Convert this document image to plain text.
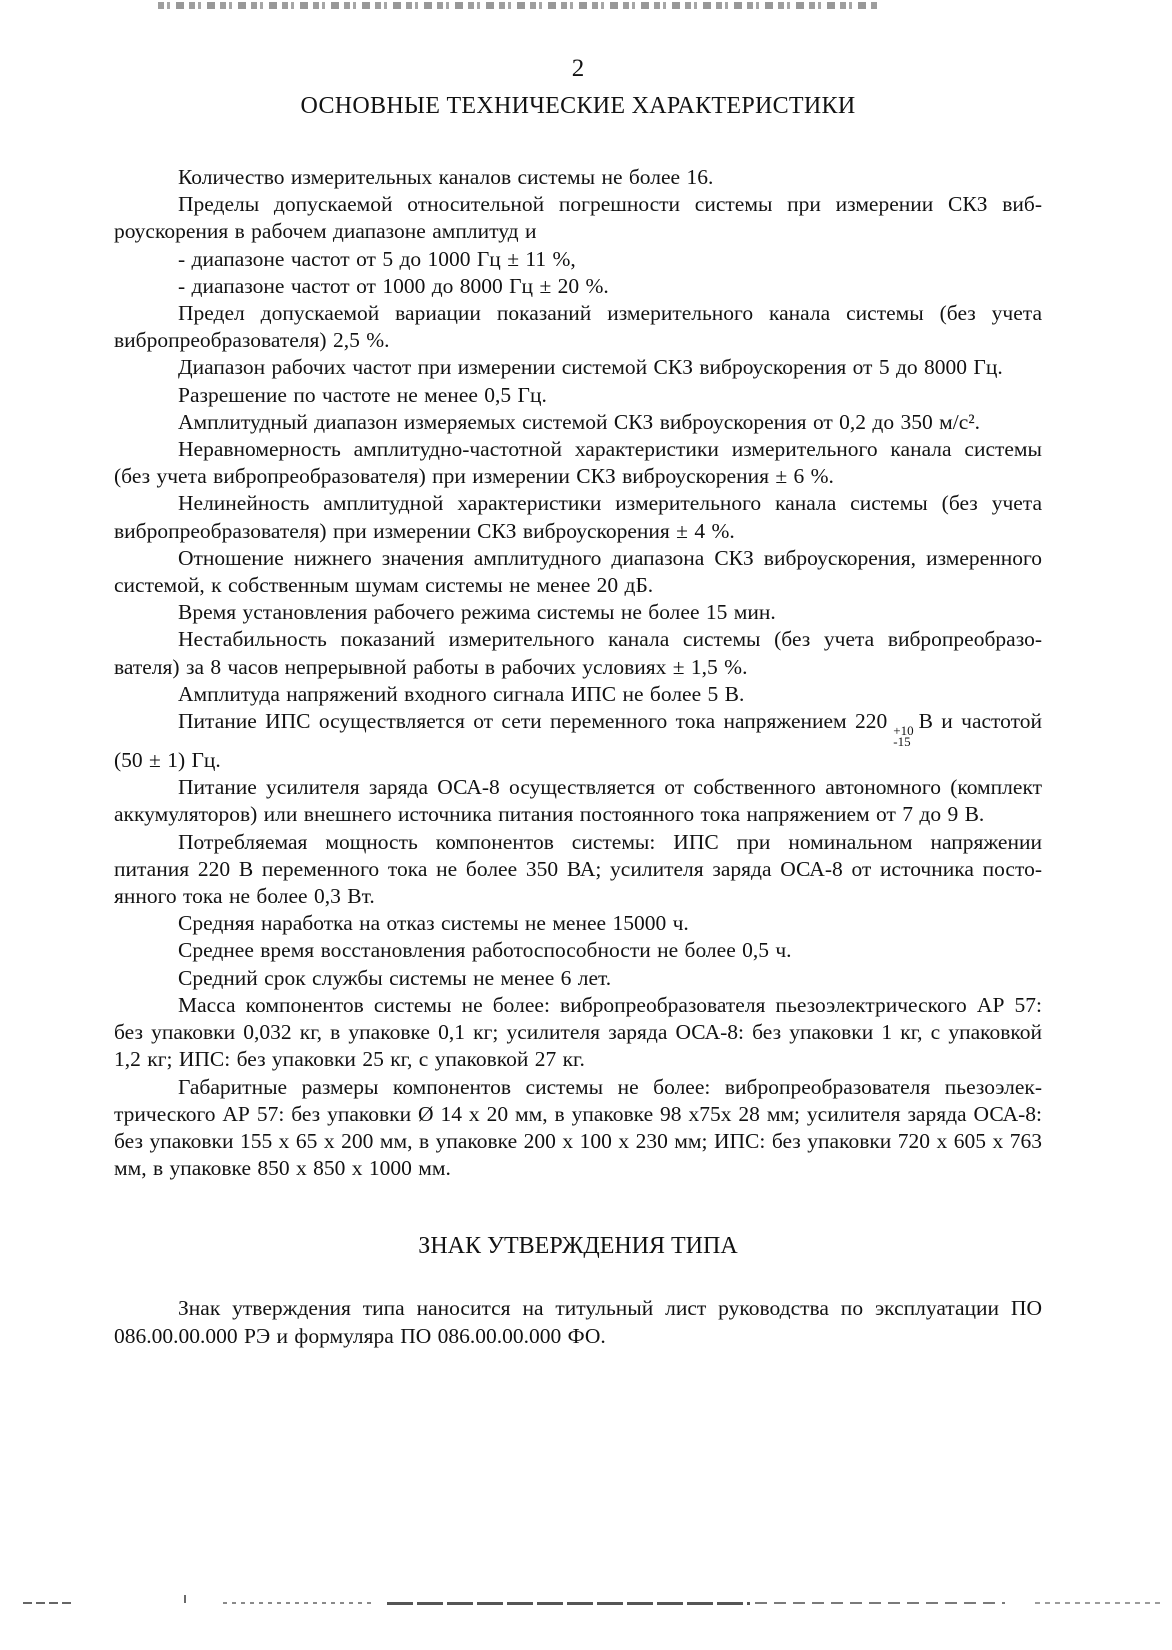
2
ОСНОВНЫЕ ТЕХНИЧЕСКИЕ ХАРАКТЕРИСТИКИ

Количество измерительных каналов системы не более 16.

Пределы допускаемой относительной погрешности системы при измерении СКЗ виброускорения в рабочем диапазоне амплитуд и

- диапазоне частот от 5 до 1000 Гц ± 11 %,

- диапазоне частот от 1000 до 8000 Гц ± 20 %.

Предел допускаемой вариации показаний измерительного канала системы (без учета вибропреобразователя) 2,5 %.

Диапазон рабочих частот при измерении системой СКЗ виброускорения от 5 до 8000 Гц.

Разрешение по частоте не менее 0,5 Гц.

Амплитудный диапазон измеряемых системой СКЗ виброускорения от 0,2 до 350 м/с².

Неравномерность амплитудно-частотной характеристики измерительного канала системы (без учета вибропреобразователя) при измерении СКЗ виброускорения ± 6 %.

Нелинейность амплитудной характеристики измерительного канала системы (без учета вибропреобразователя) при измерении СКЗ виброускорения ± 4 %.

Отношение нижнего значения амплитудного диапазона СКЗ виброускорения, измеренного системой, к собственным шумам системы не менее 20 дБ.

Время установления рабочего режима системы не более 15 мин.

Нестабильность показаний измерительного канала системы (без учета вибропреобразователя) за 8 часов непрерывной работы в рабочих условиях ± 1,5 %.

Амплитуда напряжений входного сигнала ИПС не более 5 В.

Питание ИПС осуществляется от сети переменного тока напряжением 220 +10
-15
В и частотой (50 ± 1) Гц.

Питание усилителя заряда ОСА-8 осуществляется от собственного автономного (комплект аккумуляторов) или внешнего источника питания постоянного тока напряжением от 7 до 9 В.

Потребляемая мощность компонентов системы: ИПС при номинальном напряжении питания 220 В переменного тока не более 350 ВА; усилителя заряда ОСА-8 от источника постоянного тока не более 0,3 Вт.

Средняя наработка на отказ системы не менее 15000 ч.

Среднее время восстановления работоспособности не более 0,5 ч.

Средний срок службы системы не менее 6 лет.

Масса компонентов системы не более: вибропреобразователя пьезоэлектрического АР 57: без упаковки 0,032 кг, в упаковке 0,1 кг; усилителя заряда ОСА-8: без упаковки 1 кг, с упаковкой 1,2 кг; ИПС: без упаковки 25 кг, с упаковкой 27 кг.

Габаритные размеры компонентов системы не более: вибропреобразователя пьезоэлектрического АР 57: без упаковки Ø 14 х 20 мм, в упаковке 98 х75х 28 мм; усилителя заряда ОСА-8: без упаковки 155 х 65 х 200 мм, в упаковке 200 х 100 х 230 мм; ИПС: без упаковки 720 х 605 х 763 мм, в упаковке 850 х 850 х 1000 мм.

ЗНАК УТВЕРЖДЕНИЯ ТИПА

Знак утверждения типа наносится на титульный лист руководства по эксплуатации ПО 086.00.00.000 РЭ и формуляра ПО 086.00.00.000 ФО.
